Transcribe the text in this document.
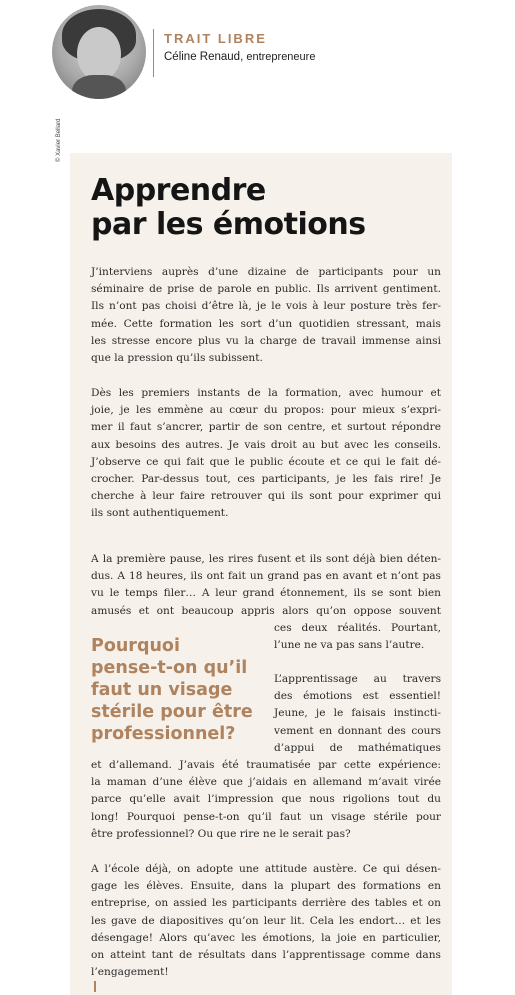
© Xavier Bellard
TRAIT LIBRE
Céline Renaud, entrepreneure
Apprendre
par les émotions
J’interviens auprès d’une dizaine de participants pour un
séminaire de prise de parole en public. Ils arrivent gentiment.
Ils n’ont pas choisi d’être là, je le vois à leur posture très fer-
mée. Cette formation les sort d’un quotidien stressant, mais
les stresse encore plus vu la charge de travail immense ainsi
que la pression qu’ils subissent.
Dès les premiers instants de la formation, avec humour et
joie, je les emmène au cœur du propos: pour mieux s’expri-
mer il faut s’ancrer, partir de son centre, et surtout répondre
aux besoins des autres. Je vais droit au but avec les conseils.
J’observe ce qui fait que le public écoute et ce qui le fait dé-
crocher. Par-dessus tout, ces participants, je les fais rire! Je
cherche à leur faire retrouver qui ils sont pour exprimer qui
ils sont authentiquement.
A la première pause, les rires fusent et ils sont déjà bien déten-
dus. A 18 heures, ils ont fait un grand pas en avant et n’ont pas
vu le temps filer… A leur grand étonnement, ils se sont bien
amusés et ont beaucoup appris alors qu’on oppose souvent
ces deux réalités. Pourtant,
l’une ne va pas sans l’autre.
Pourquoi
pense-t-on qu’il
faut un visage
stérile pour être
professionnel?
L’apprentissage au travers
des émotions est essentiel!
Jeune, je le faisais instincti-
vement en donnant des cours
d’appui de mathématiques
et d’allemand. J’avais été traumatisée par cette expérience:
la maman d’une élève que j’aidais en allemand m’avait virée
parce qu’elle avait l’impression que nous rigolions tout du
long! Pourquoi pense-t-on qu’il faut un visage stérile pour
être professionnel? Ou que rire ne le serait pas?
A l’école déjà, on adopte une attitude austère. Ce qui désen-
gage les élèves. Ensuite, dans la plupart des formations en
entreprise, on assied les participants derrière des tables et on
les gave de diapositives qu’on leur lit. Cela les endort… et les
désengage! Alors qu’avec les émotions, la joie en particulier,
on atteint tant de résultats dans l’apprentissage comme dans
l’engagement!
